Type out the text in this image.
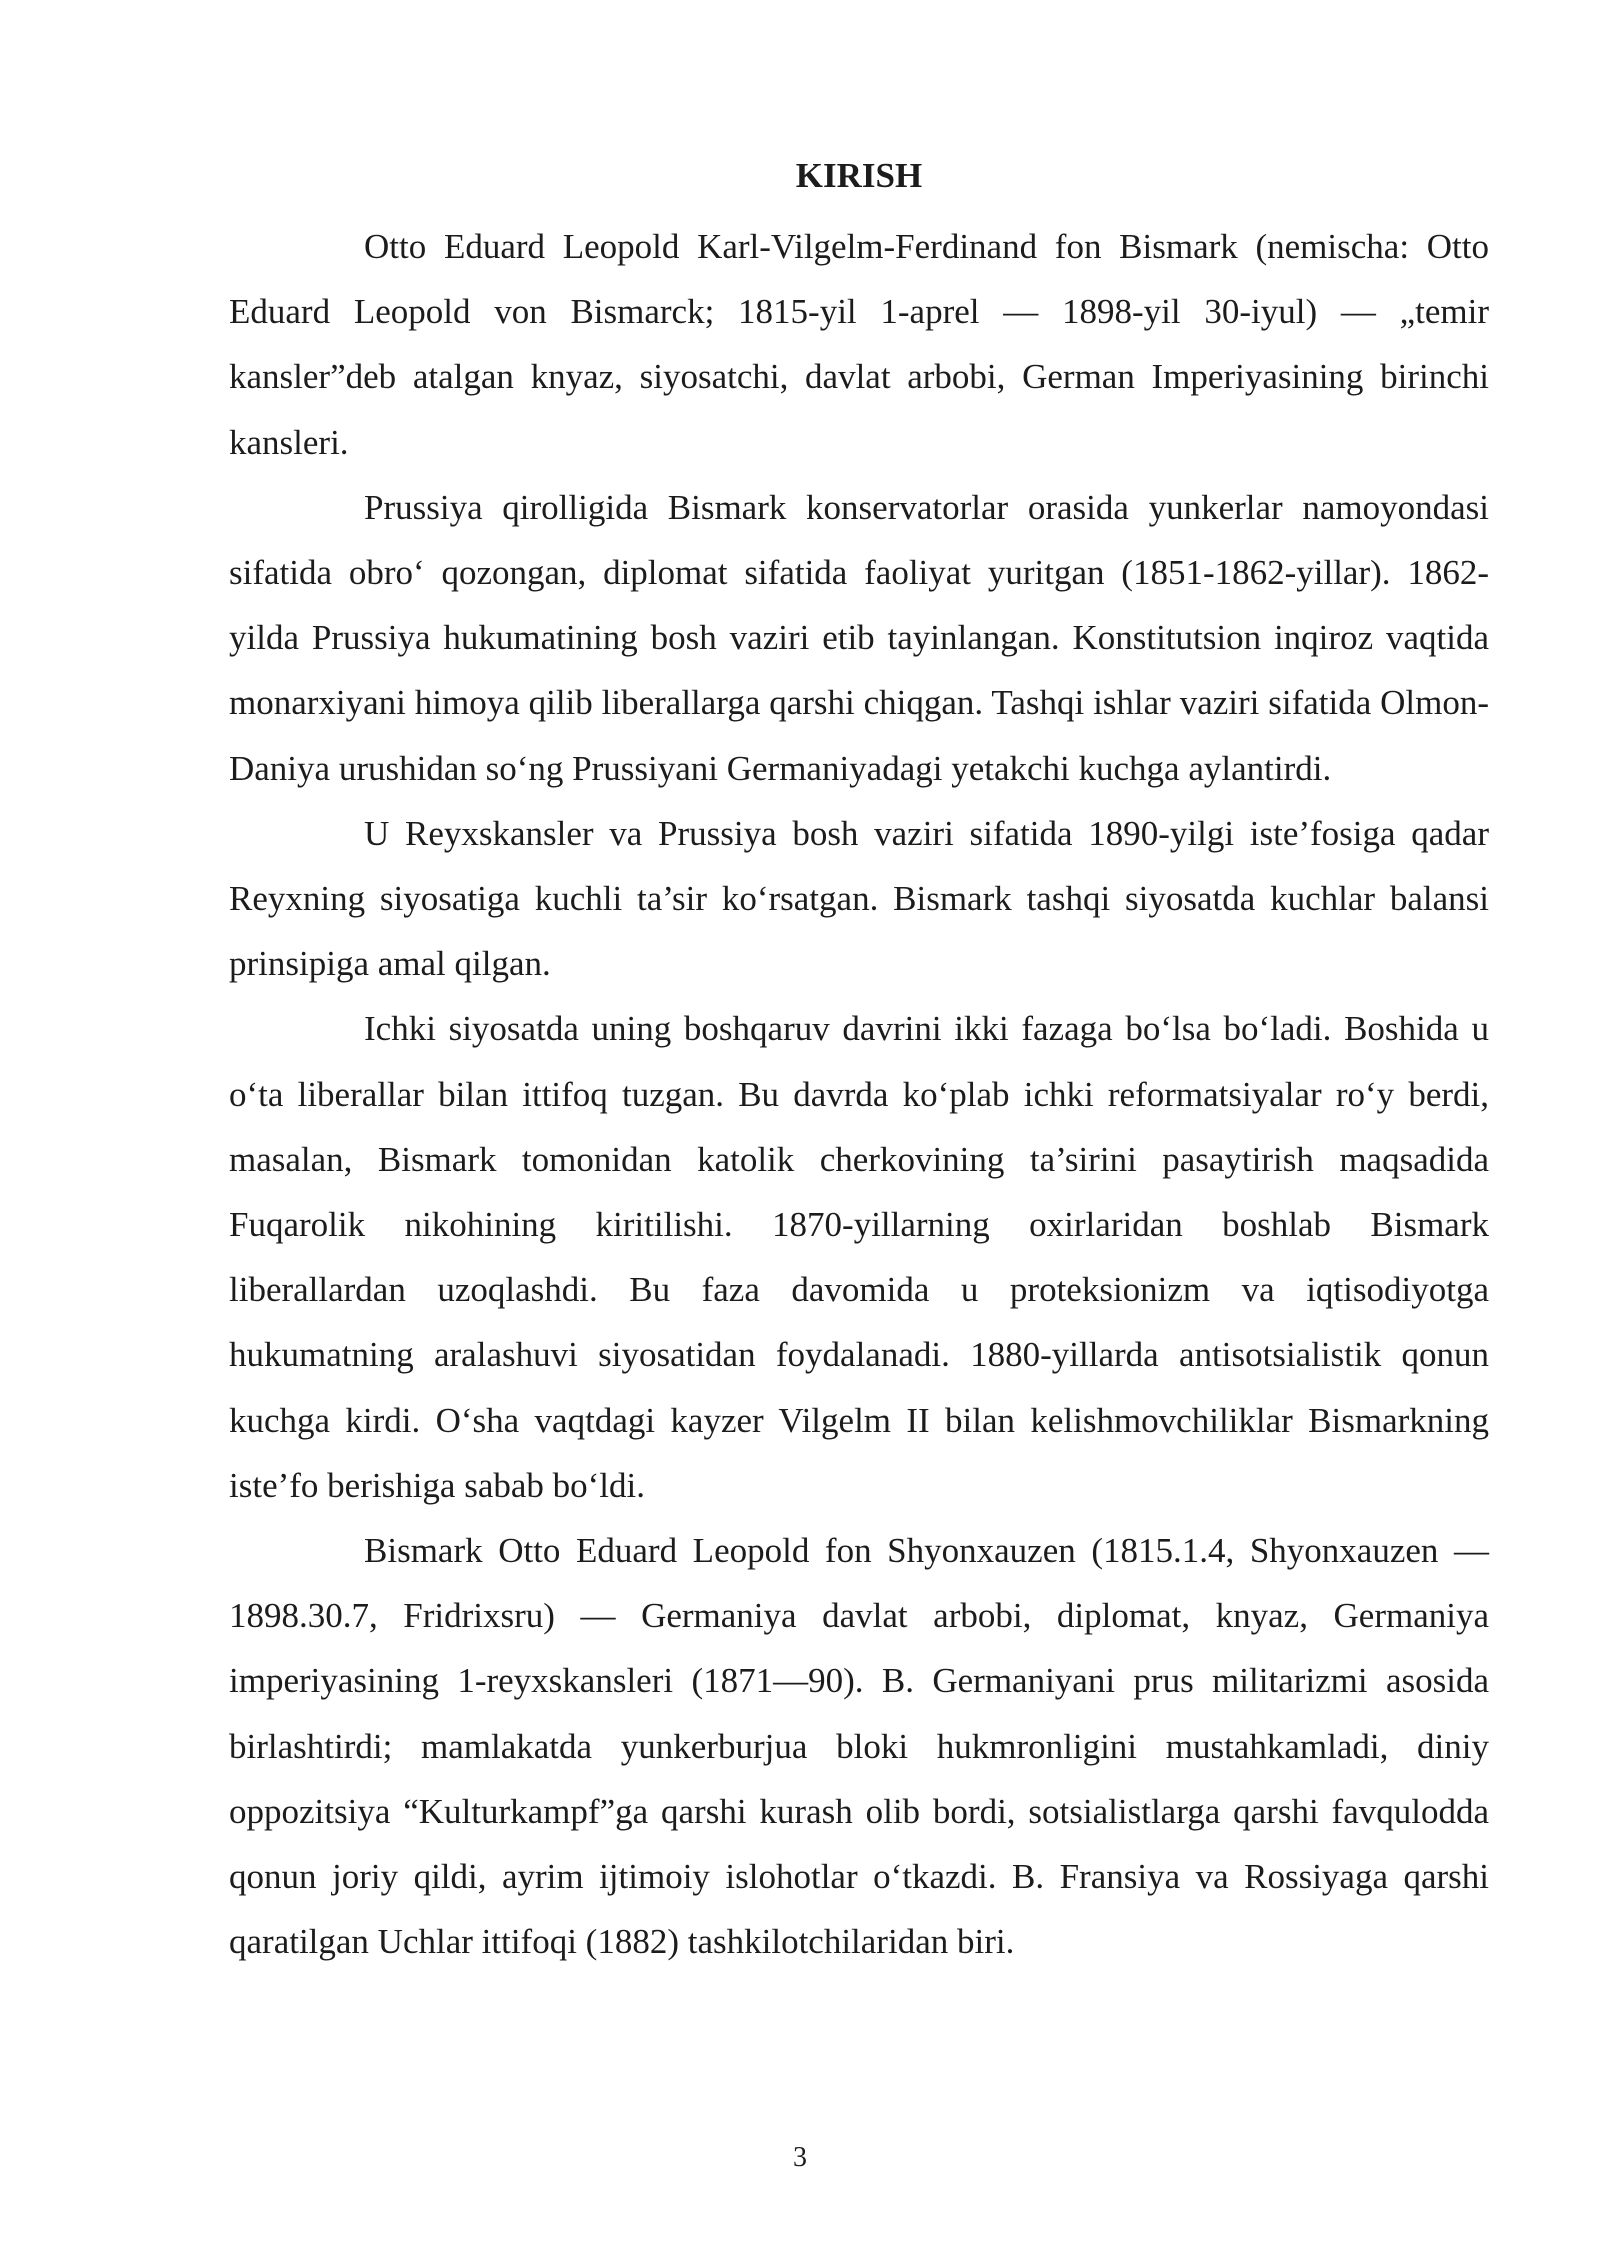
KIRISH

Otto Eduard Leopold Karl-Vilgelm-Ferdinand fon Bismark (nemischa: Otto Eduard Leopold von Bismarck; 1815-yil 1-aprel — 1898-yil 30-iyul) — „temir kansler”deb atalgan knyaz, siyosatchi, davlat arbobi, German Imperiyasining birinchi kansleri.

Prussiya qirolligida Bismark konservatorlar orasida yunkerlar namoyondasi sifatida obro‘ qozongan, diplomat sifatida faoliyat yuritgan (1851-1862-yillar). 1862-yilda Prussiya hukumatining bosh vaziri etib tayinlangan. Konstitutsion inqiroz vaqtida monarxiyani himoya qilib liberallarga qarshi chiqgan. Tashqi ishlar vaziri sifatida Olmon-Daniya urushidan so‘ng Prussiyani Germaniyadagi yetakchi kuchga aylantirdi.

U Reyxskansler va Prussiya bosh vaziri sifatida 1890-yilgi iste’fosiga qadar Reyxning siyosatiga kuchli ta’sir ko‘rsatgan. Bismark tashqi siyosatda kuchlar balansi prinsipiga amal qilgan.

Ichki siyosatda uning boshqaruv davrini ikki fazaga bo‘lsa bo‘ladi. Boshida u o‘ta liberallar bilan ittifoq tuzgan. Bu davrda ko‘plab ichki reformatsiyalar ro‘y berdi, masalan, Bismark tomonidan katolik cherkovining ta’sirini pasaytirish maqsadida Fuqarolik nikohining kiritilishi. 1870-yillarning oxirlaridan boshlab Bismark liberallardan uzoqlashdi. Bu faza davomida u proteksionizm va iqtisodiyotga hukumatning aralashuvi siyosatidan foydalanadi. 1880-yillarda antisotsialistik qonun kuchga kirdi. O‘sha vaqtdagi kayzer Vilgelm II bilan kelishmovchiliklar Bismarkning iste’fo berishiga sabab bo‘ldi.

Bismark Otto Eduard Leopold fon Shyonxauzen (1815.1.4, Shyonxauzen —1898.30.7, Fridrixsru) — Germaniya davlat arbobi, diplomat, knyaz, Germaniya imperiyasining 1-reyxskansleri (1871—90). B. Germaniyani prus militarizmi asosida birlashtirdi; mamlakatda yunkerburjua bloki hukmronligini mustahkamladi, diniy oppozitsiya “Kulturkampf”ga qarshi kurash olib bordi, sotsialistlarga qarshi favqulodda qonun joriy qildi, ayrim ijtimoiy islohotlar o‘tkazdi. B. Fransiya va Rossiyaga qarshi qaratilgan Uchlar ittifoqi (1882) tashkilotchilaridan biri.

3
